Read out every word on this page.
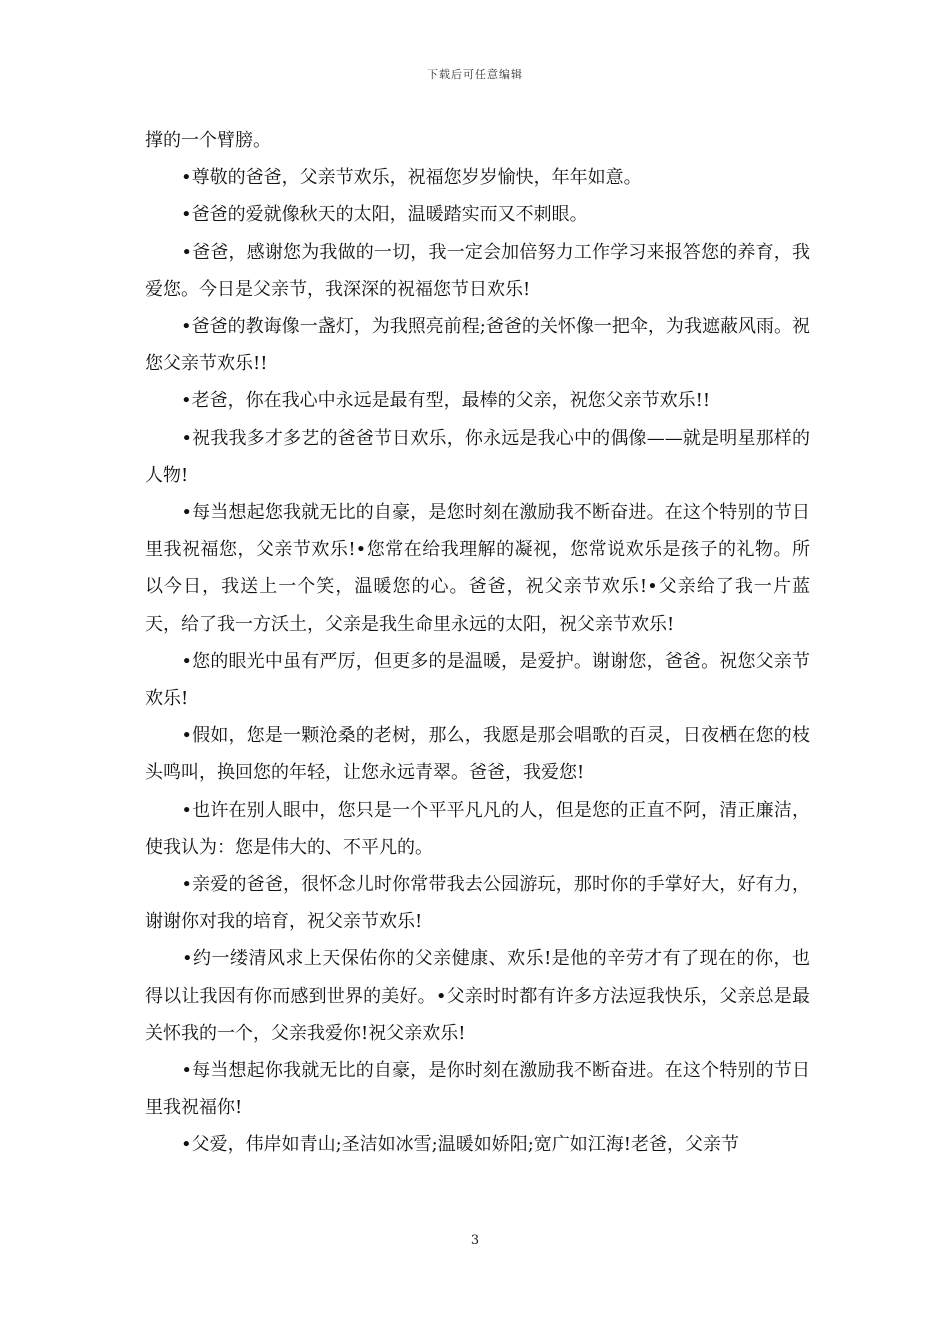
下载后可任意编辑

撑的一个臂膀。

　　•尊敬的爸爸，父亲节欢乐，祝福您岁岁愉快，年年如意。

　　•爸爸的爱就像秋天的太阳，温暖踏实而又不刺眼。

　　•爸爸，感谢您为我做的一切，我一定会加倍努力工作学习来报答您的养育，我爱您。今日是父亲节，我深深的祝福您节日欢乐!

　　•爸爸的教诲像一盏灯，为我照亮前程;爸爸的关怀像一把伞，为我遮蔽风雨。祝您父亲节欢乐!!

　　•老爸，你在我心中永远是最有型，最棒的父亲，祝您父亲节欢乐!!

　　•祝我我多才多艺的爸爸节日欢乐，你永远是我心中的偶像——就是明星那样的人物!

　　•每当想起您我就无比的自豪，是您时刻在激励我不断奋进。在这个特别的节日里我祝福您，父亲节欢乐!•您常在给我理解的凝视，您常说欢乐是孩子的礼物。所以今日，我送上一个笑，温暖您的心。爸爸，祝父亲节欢乐!•父亲给了我一片蓝天，给了我一方沃土，父亲是我生命里永远的太阳，祝父亲节欢乐!

　　•您的眼光中虽有严厉，但更多的是温暖，是爱护。谢谢您，爸爸。祝您父亲节欢乐!

　　•假如，您是一颗沧桑的老树，那么，我愿是那会唱歌的百灵，日夜栖在您的枝头鸣叫，换回您的年轻，让您永远青翠。爸爸，我爱您!

　　•也许在别人眼中，您只是一个平平凡凡的人，但是您的正直不阿，清正廉洁，使我认为：您是伟大的、不平凡的。

　　•亲爱的爸爸，很怀念儿时你常带我去公园游玩，那时你的手掌好大，好有力，谢谢你对我的培育，祝父亲节欢乐!

　　•约一缕清风求上天保佑你的父亲健康、欢乐!是他的辛劳才有了现在的你，也得以让我因有你而感到世界的美好。•父亲时时都有许多方法逗我快乐，父亲总是最关怀我的一个，父亲我爱你!祝父亲欢乐!

　　•每当想起你我就无比的自豪，是你时刻在激励我不断奋进。在这个特别的节日里我祝福你!

　　•父爱，伟岸如青山;圣洁如冰雪;温暖如娇阳;宽广如江海!老爸，父亲节

3
